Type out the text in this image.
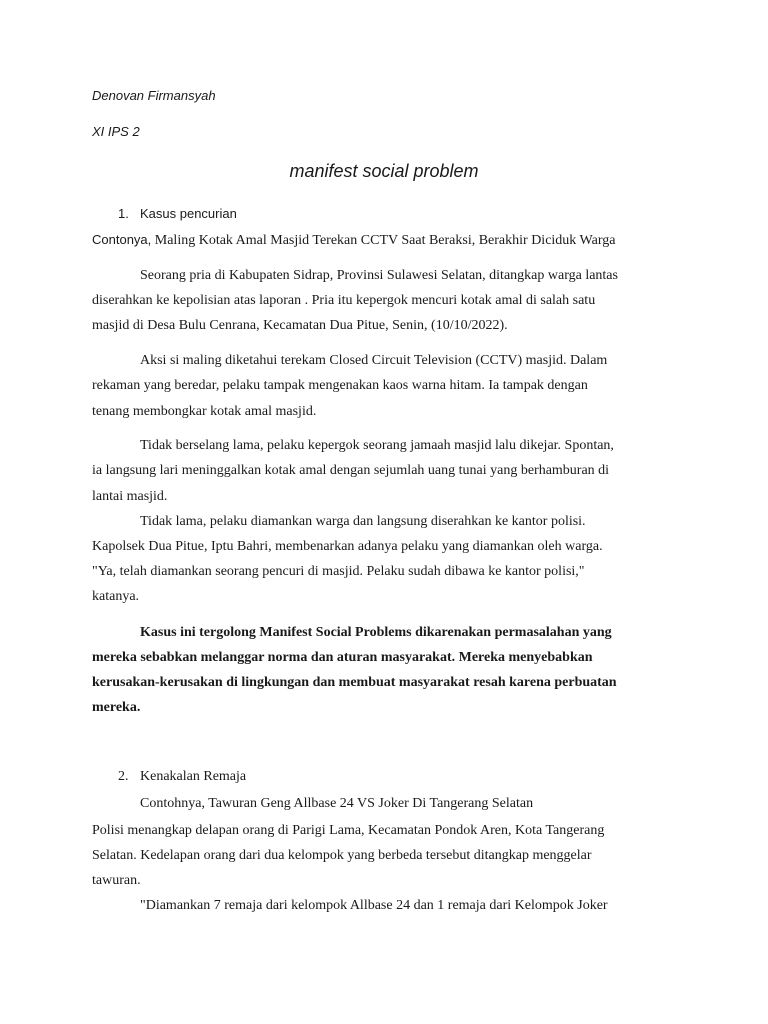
Denovan Firmansyah
XI IPS 2
manifest social problem
1. Kasus pencurian
Contonya, Maling Kotak Amal Masjid Terekan CCTV Saat Beraksi, Berakhir Diciduk Warga
Seorang pria di Kabupaten Sidrap, Provinsi Sulawesi Selatan, ditangkap warga lantas
diserahkan ke kepolisian atas laporan . Pria itu kepergok mencuri kotak amal di salah satu
masjid di Desa Bulu Cenrana, Kecamatan Dua Pitue, Senin, (10/10/2022).
Aksi si maling diketahui terekam Closed Circuit Television (CCTV) masjid. Dalam
rekaman yang beredar, pelaku tampak mengenakan kaos warna hitam. Ia tampak dengan
tenang membongkar kotak amal masjid.
Tidak berselang lama, pelaku kepergok seorang jamaah masjid lalu dikejar. Spontan,
ia langsung lari meninggalkan kotak amal dengan sejumlah uang tunai yang berhamburan di
lantai masjid.
Tidak lama, pelaku diamankan warga dan langsung diserahkan ke kantor polisi.
Kapolsek Dua Pitue, Iptu Bahri, membenarkan adanya pelaku yang diamankan oleh warga.
"Ya, telah diamankan seorang pencuri di masjid. Pelaku sudah dibawa ke kantor polisi,"
katanya.
Kasus ini tergolong Manifest Social Problems dikarenakan permasalahan yang
mereka sebabkan melanggar norma dan aturan masyarakat. Mereka menyebabkan
kerusakan-kerusakan di lingkungan dan membuat masyarakat resah karena perbuatan
mereka.
2. Kenakalan Remaja
Contohnya, Tawuran Geng Allbase 24 VS Joker Di Tangerang Selatan
Polisi menangkap delapan orang di Parigi Lama, Kecamatan Pondok Aren, Kota Tangerang
Selatan. Kedelapan orang dari dua kelompok yang berbeda tersebut ditangkap menggelar
tawuran.
"Diamankan 7 remaja dari kelompok Allbase 24 dan 1 remaja dari Kelompok Joker
